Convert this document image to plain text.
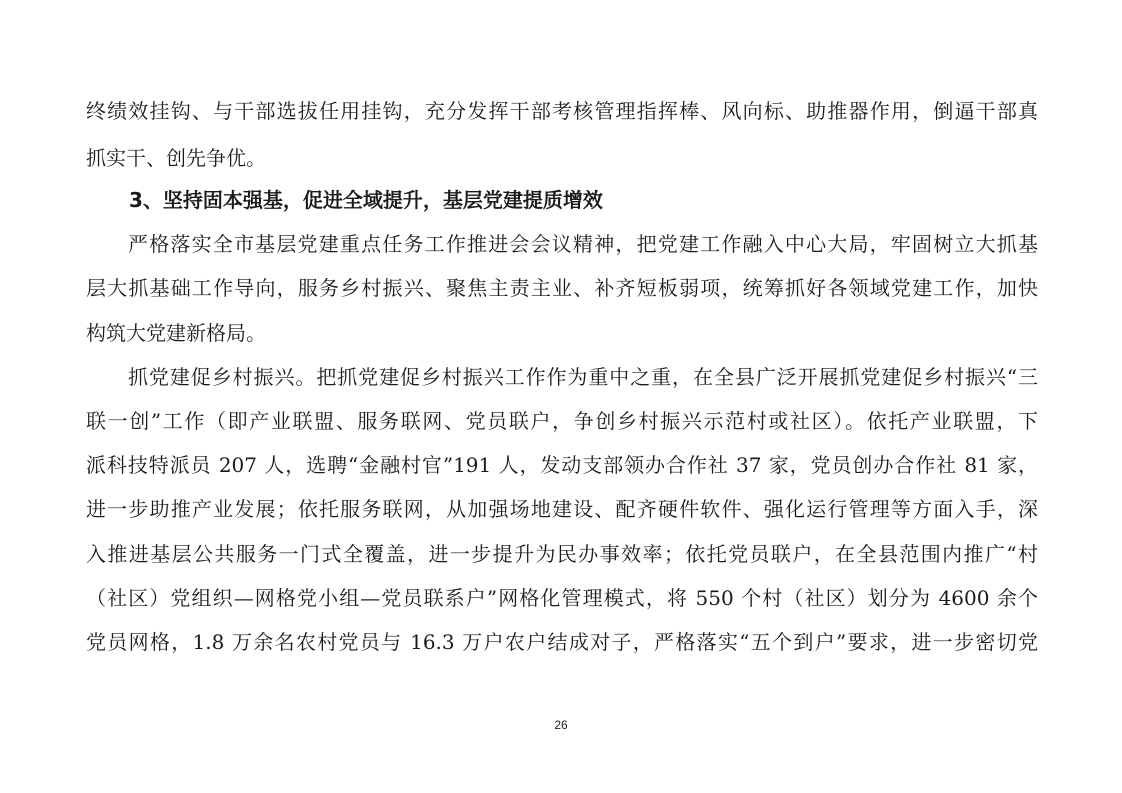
终绩效挂钩、与干部选拔任用挂钩，充分发挥干部考核管理指挥棒、风向标、助推器作用，倒逼干部真
抓实干、创先争优。
3、坚持固本强基，促进全域提升，基层党建提质增效
严格落实全市基层党建重点任务工作推进会会议精神，把党建工作融入中心大局，牢固树立大抓基
层大抓基础工作导向，服务乡村振兴、聚焦主责主业、补齐短板弱项，统筹抓好各领域党建工作，加快
构筑大党建新格局。
抓党建促乡村振兴。把抓党建促乡村振兴工作作为重中之重，在全县广泛开展抓党建促乡村振兴“三
联一创”工作（即产业联盟、服务联网、党员联户，争创乡村振兴示范村或社区）。依托产业联盟，下
派科技特派员 207 人，选聘“金融村官”191 人，发动支部领办合作社 37 家，党员创办合作社 81 家，
进一步助推产业发展；依托服务联网，从加强场地建设、配齐硬件软件、强化运行管理等方面入手，深
入推进基层公共服务一门式全覆盖，进一步提升为民办事效率；依托党员联户，在全县范围内推广“村
（社区）党组织—网格党小组—党员联系户”网格化管理模式，将 550 个村（社区）划分为 4600 余个
党员网格，1.8 万余名农村党员与 16.3 万户农户结成对子，严格落实“五个到户”要求，进一步密切党
26
